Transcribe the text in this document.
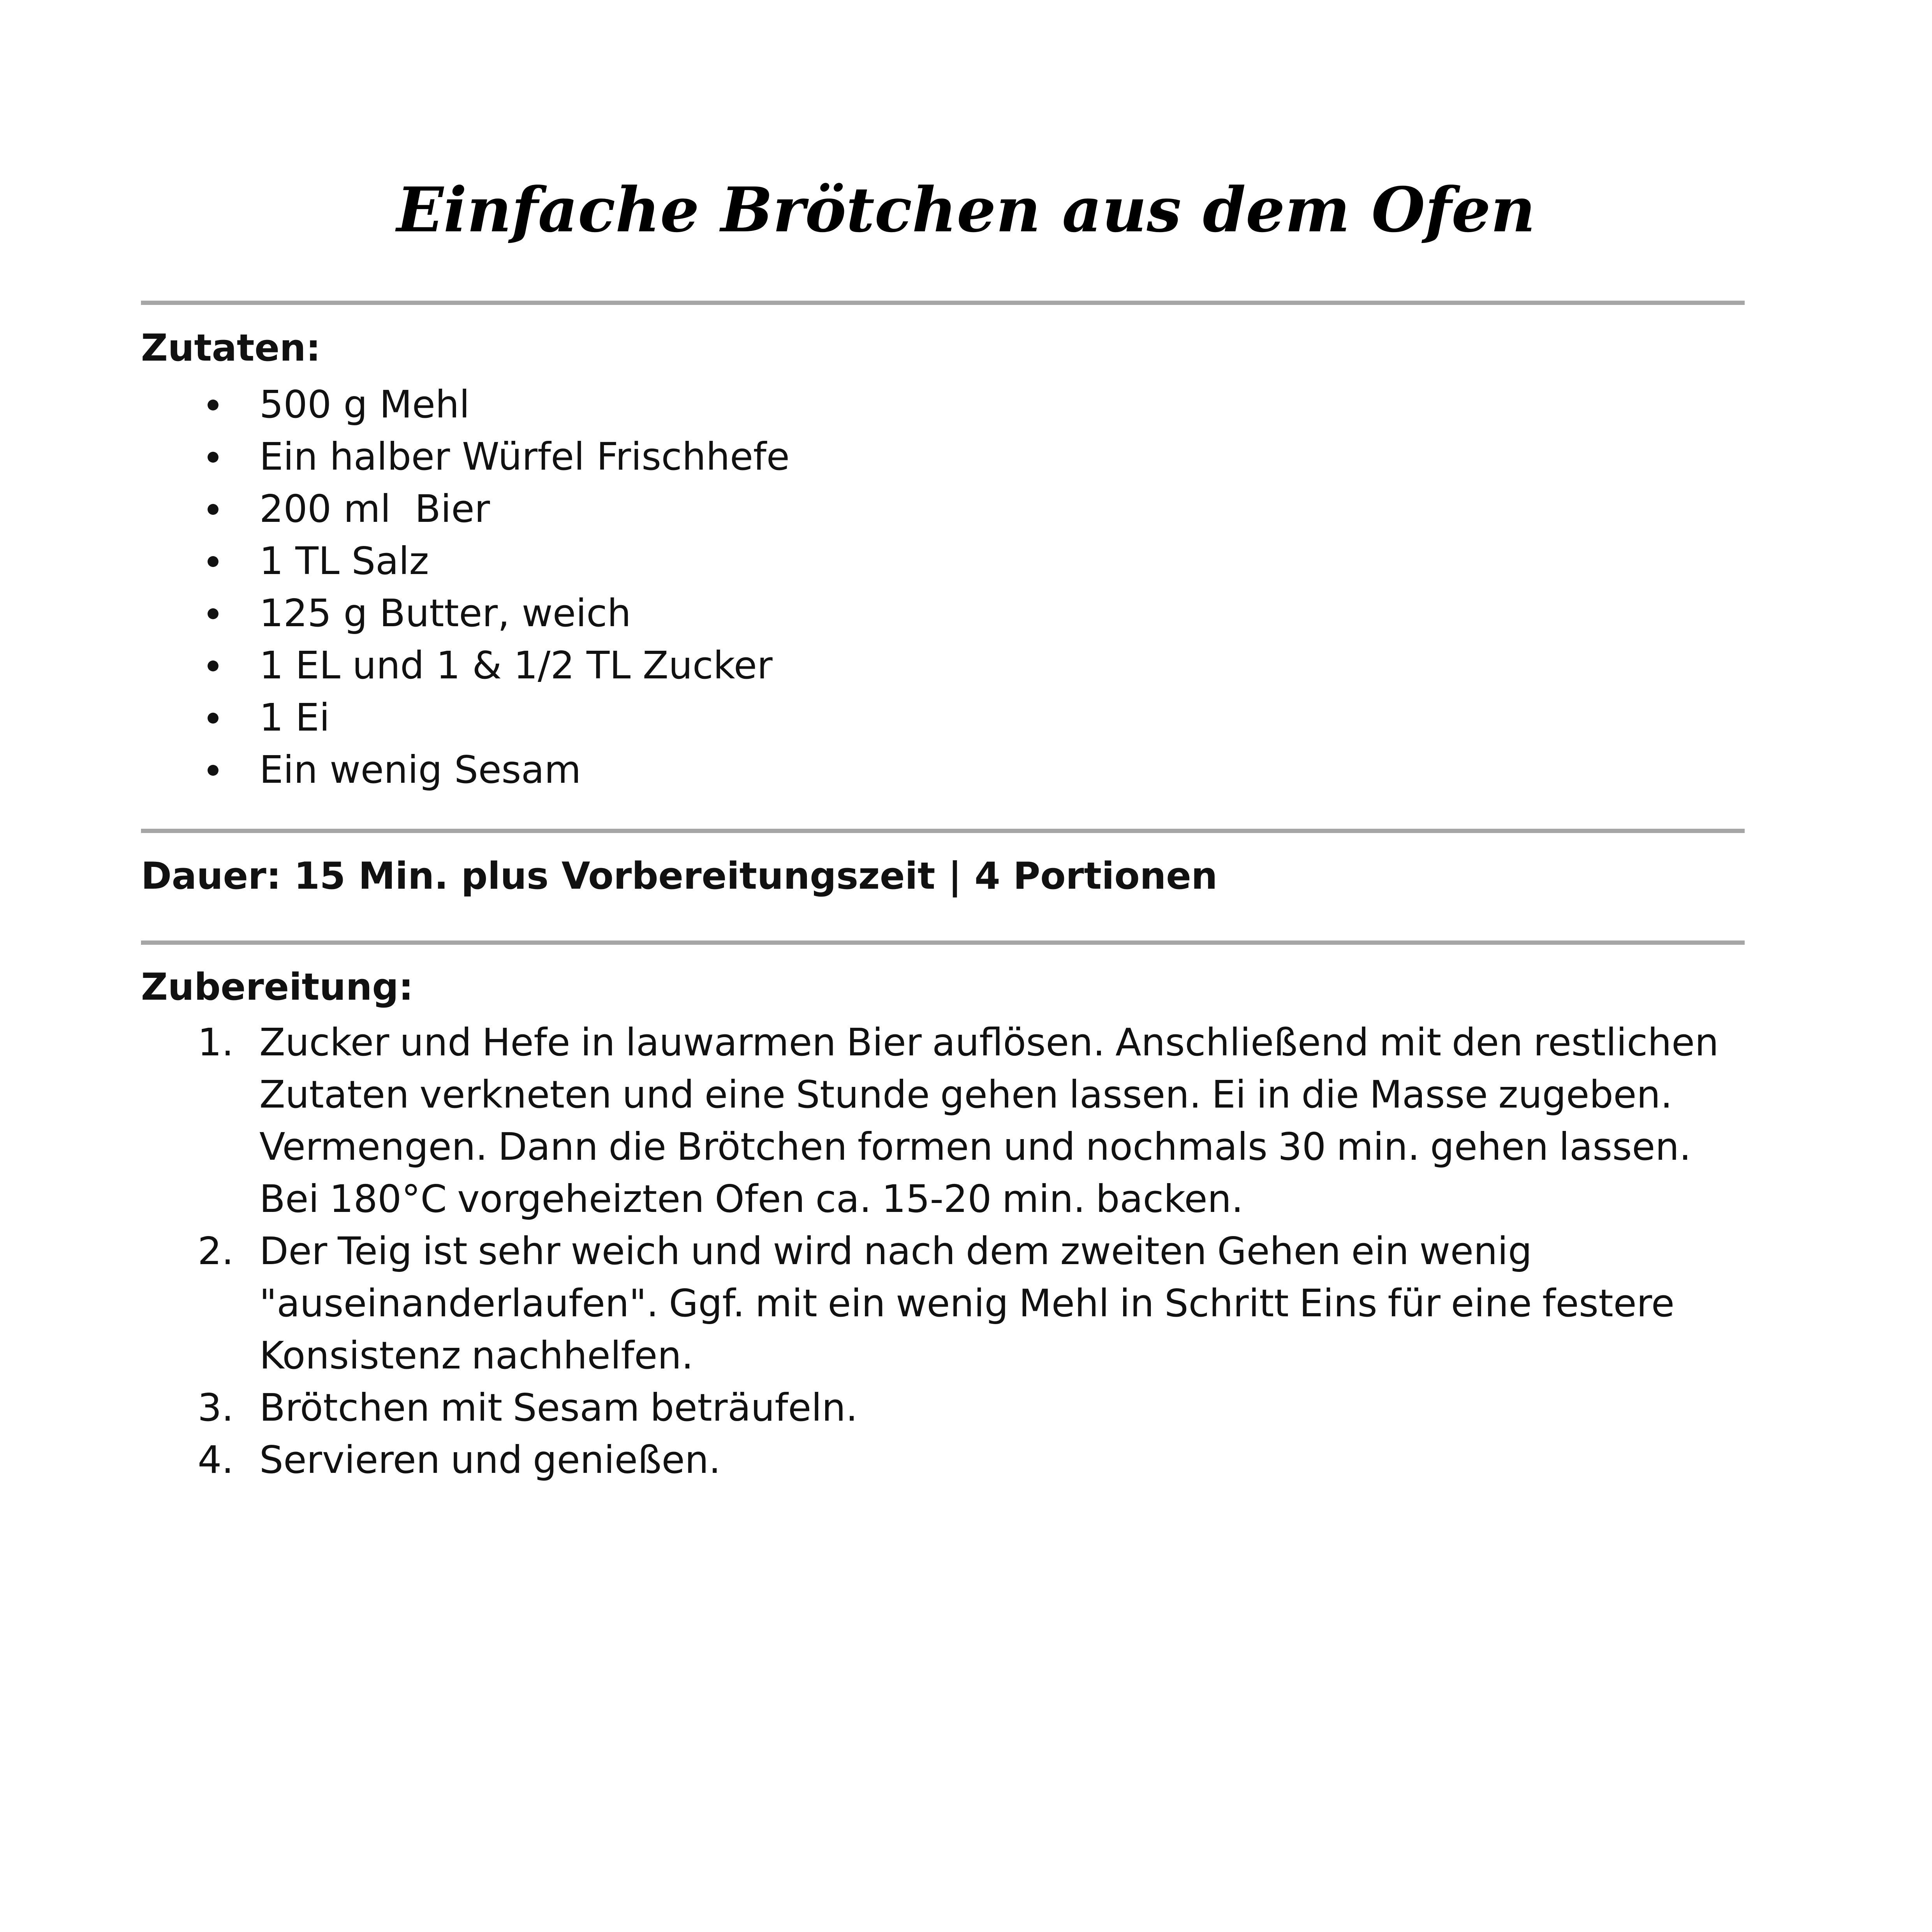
Einfache Brötchen aus dem Ofen
Zutaten:

500 g Mehl

Ein halber Würfel Frischhefe

200 ml  Bier

1 TL Salz

125 g Butter, weich

1 EL und 1 & 1/2 TL Zucker

1 Ei

Ein wenig Sesam

Dauer: 15 Min. plus Vorbereitungszeit | 4 Portionen
Zubereitung:
1. Zucker und Hefe in lauwarmen Bier auflösen. Anschließend mit den restlichen Zutaten verkneten und eine Stunde gehen lassen. Ei in die Masse zugeben. Vermengen. Dann die Brötchen formen und nochmals 30 min. gehen lassen. Bei 180°C vorgeheizten Ofen ca. 15-20 min. backen.
2. Der Teig ist sehr weich und wird nach dem zweiten Gehen ein wenig "auseinanderlaufen". Ggf. mit ein wenig Mehl in Schritt Eins für eine festere Konsistenz nachhelfen.
3. Brötchen mit Sesam beträufeln.
4. Servieren und genießen.
